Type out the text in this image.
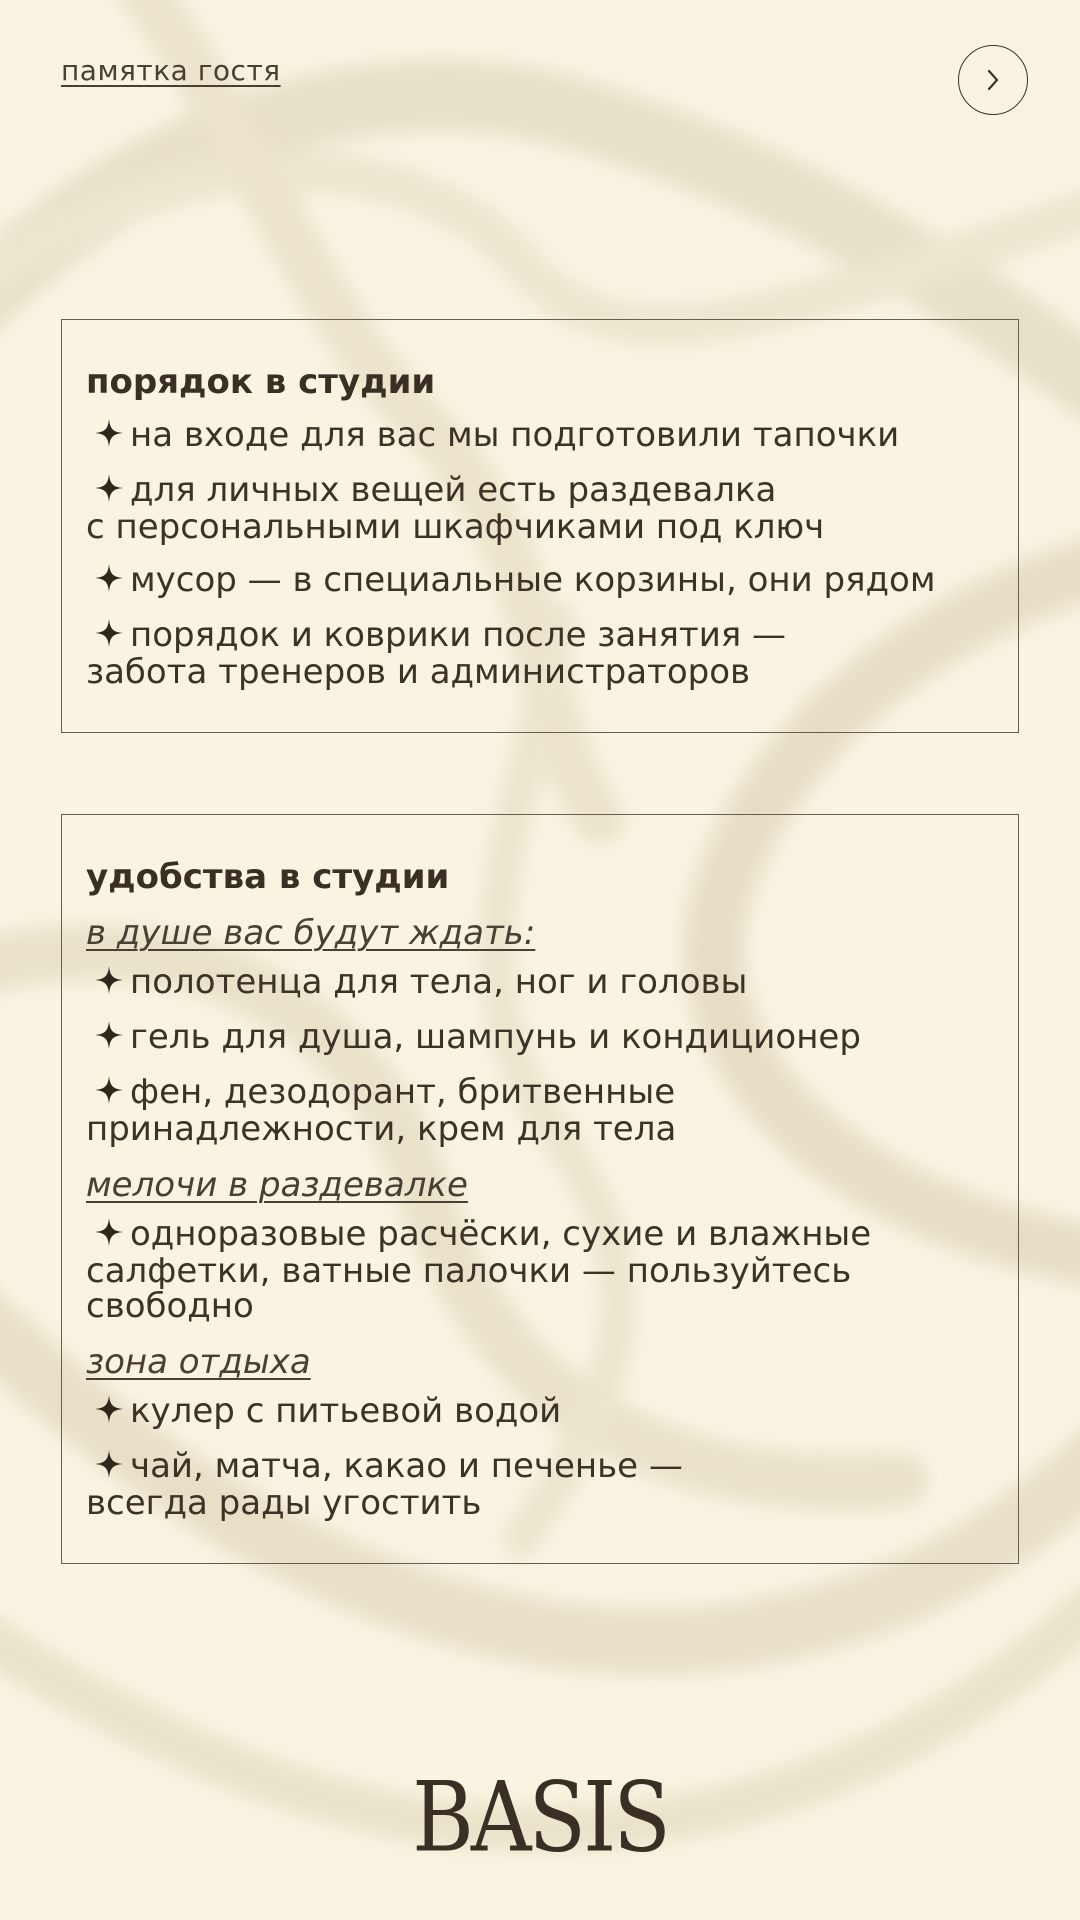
памятка гостя
порядок в студии
на входе для вас мы подготовили тапочки
для личных вещей есть раздевалка
с персональными шкафчиками под ключ
мусор — в специальные корзины, они рядом
порядок и коврики после занятия —
забота тренеров и администраторов
удобства в студии
в душе вас будут ждать:
полотенца для тела, ног и головы
гель для душа, шампунь и кондиционер
фен, дезодорант, бритвенные
принадлежности, крем для тела
мелочи в раздевалке
одноразовые расчёски, сухие и влажные
салфетки, ватные палочки — пользуйтесь
свободно
зона отдыха
кулер с питьевой водой
чай, матча, какао и печенье —
всегда рады угостить
BASIS
